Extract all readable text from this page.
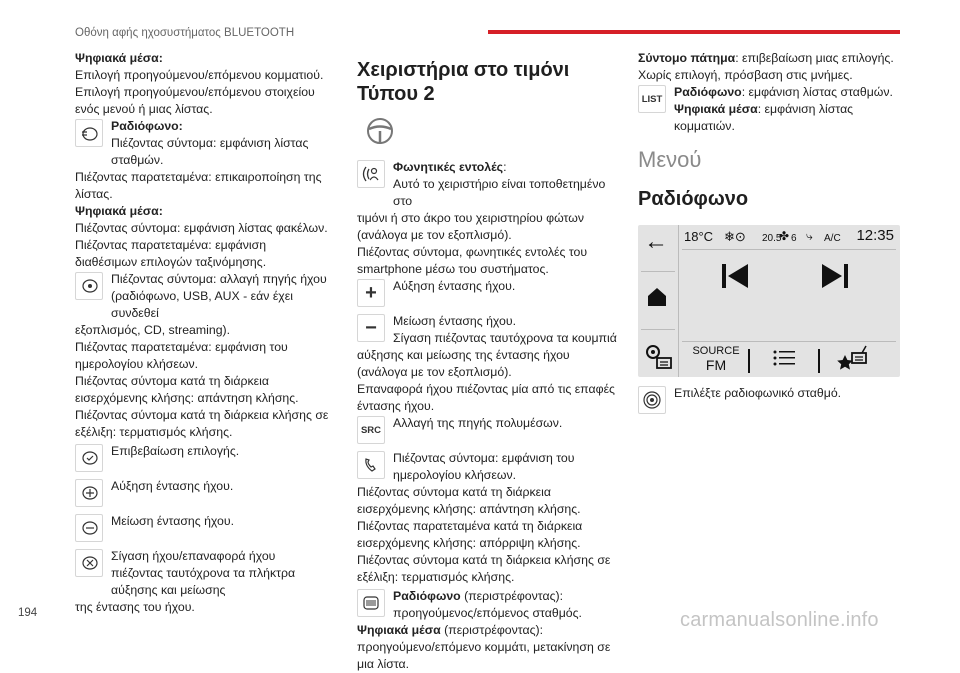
Οθόνη αφής ηχοσυστήματος BLUETOOTH

Ψηφιακά μέσα:

Επιλογή προηγούμενου/επόμενου κομματιού.
Επιλογή προηγούμενου/επόμενου στοιχείου ενός μενού ή μιας λίστας.

Ραδιόφωνο:
Πιέζοντας σύντομα: εμφάνιση λίστας σταθμών.

Πιέζοντας παρατεταμένα: επικαιροποίηση της λίστας.

Ψηφιακά μέσα:

Πιέζοντας σύντομα: εμφάνιση λίστας φακέλων.
Πιέζοντας παρατεταμένα: εμφάνιση διαθέσιμων επιλογών ταξινόμησης.

Πιέζοντας σύντομα: αλλαγή πηγής ήχου (ραδιόφωνο, USB, AUX - εάν έχει συνδεθεί

εξοπλισμός, CD, streaming).
Πιέζοντας παρατεταμένα: εμφάνιση του ημερολογίου κλήσεων.
Πιέζοντας σύντομα κατά τη διάρκεια εισερχόμενης κλήσης: απάντηση κλήσης.
Πιέζοντας σύντομα κατά τη διάρκεια κλήσης σε εξέλιξη: τερματισμός κλήσης.

Επιβεβαίωση επιλογής.
Αύξηση έντασης ήχου.
Μείωση έντασης ήχου.
Σίγαση ήχου/επαναφορά ήχου πιέζοντας ταυτόχρονα τα πλήκτρα αύξησης και μείωσης

της έντασης του ήχου.

Χειριστήρια στο τιμόνι Τύπου 2
Φωνητικές εντολές:
Αυτό το χειριστήριο είναι τοποθετημένο στο

τιμόνι ή στο άκρο του χειριστηρίου φώτων (ανάλογα με τον εξοπλισμό).
Πιέζοντας σύντομα, φωνητικές εντολές του smartphone μέσω του συστήματος.

+	Αύξηση έντασης ήχου.
−	Μείωση έντασης ήχου.
Σίγαση πιέζοντας ταυτόχρονα τα κουμπιά

αύξησης και μείωσης της έντασης ήχου (ανάλογα με τον εξοπλισμό).
Επαναφορά ήχου πιέζοντας μία από τις επαφές έντασης ήχου.

SRC Αλλαγή της πηγής πολυμέσων.
Πιέζοντας σύντομα: εμφάνιση του ημερολογίου κλήσεων.

Πιέζοντας σύντομα κατά τη διάρκεια εισερχόμενης κλήσης: απάντηση κλήσης.
Πιέζοντας παρατεταμένα κατά τη διάρκεια εισερχόμενης κλήσης: απόρριψη κλήσης.
Πιέζοντας σύντομα κατά τη διάρκεια κλήσης σε εξέλιξη: τερματισμός κλήσης.

Ραδιόφωνο (περιστρέφοντας): προηγούμενος/επόμενος σταθμός.

Ψηφιακά μέσα (περιστρέφοντας): προηγούμενο/επόμενο κομμάτι, μετακίνηση σε μια λίστα.

Σύντομο πάτημα: επιβεβαίωση μιας επιλογής. Χωρίς επιλογή, πρόσβαση στις μνήμες.

LIST Ραδιόφωνο: εμφάνιση λίστας σταθμών.
Ψηφιακά μέσα: εμφάνιση λίστας κομματιών.
Μενού
Ραδιόφωνο
← 18°C ❄⊙ 20.5
✤ 6 ⤷ A/C 12:35
SOURCE
FM
Επιλέξτε ραδιοφωνικό σταθμό.
194	carmanualsonline.info
